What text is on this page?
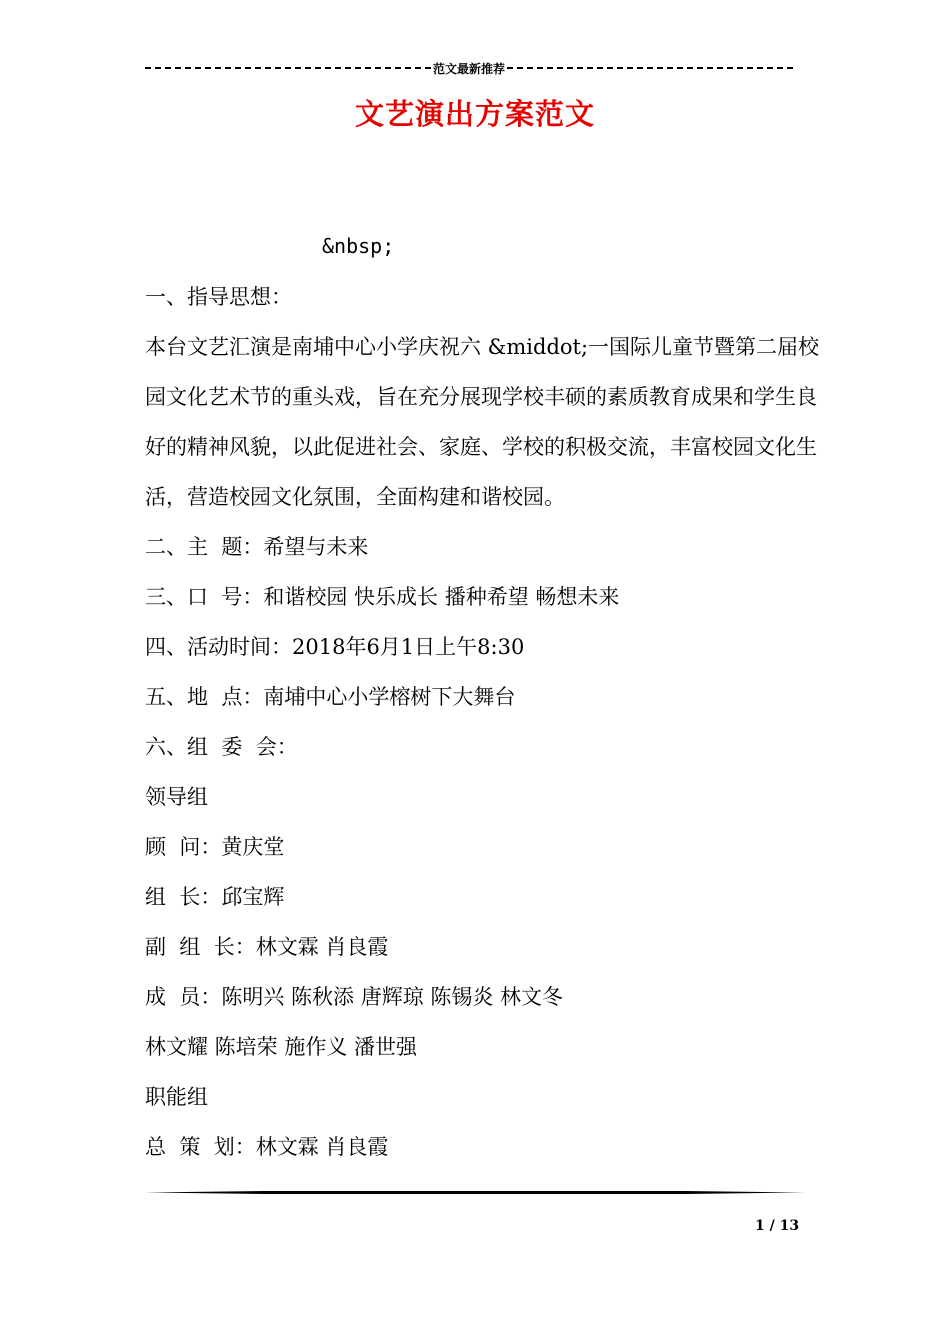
范文最新推荐
文艺演出方案范文
&nbsp;

一、指导思想：

本台文艺汇演是南埔中心小学庆祝六 &middot;一国际儿童节暨第二届校园文化艺术节的重头戏，旨在充分展现学校丰硕的素质教育成果和学生良好的精神风貌，以此促进社会、家庭、学校的积极交流，丰富校园文化生活，营造校园文化氛围，全面构建和谐校园。

二、主  题：希望与未来

三、口  号：和谐校园 快乐成长 播种希望 畅想未来

四、活动时间：2018年6月1日上午8:30

五、地  点：南埔中心小学榕树下大舞台

六、组  委  会：

领导组

顾  问：黄庆堂

组  长：邱宝辉

副  组  长：林文霖 肖良霞

成  员：陈明兴 陈秋添 唐辉琼 陈锡炎 林文冬

林文耀 陈培荣 施作义 潘世强

职能组

总  策  划：林文霖 肖良霞

1 / 13
